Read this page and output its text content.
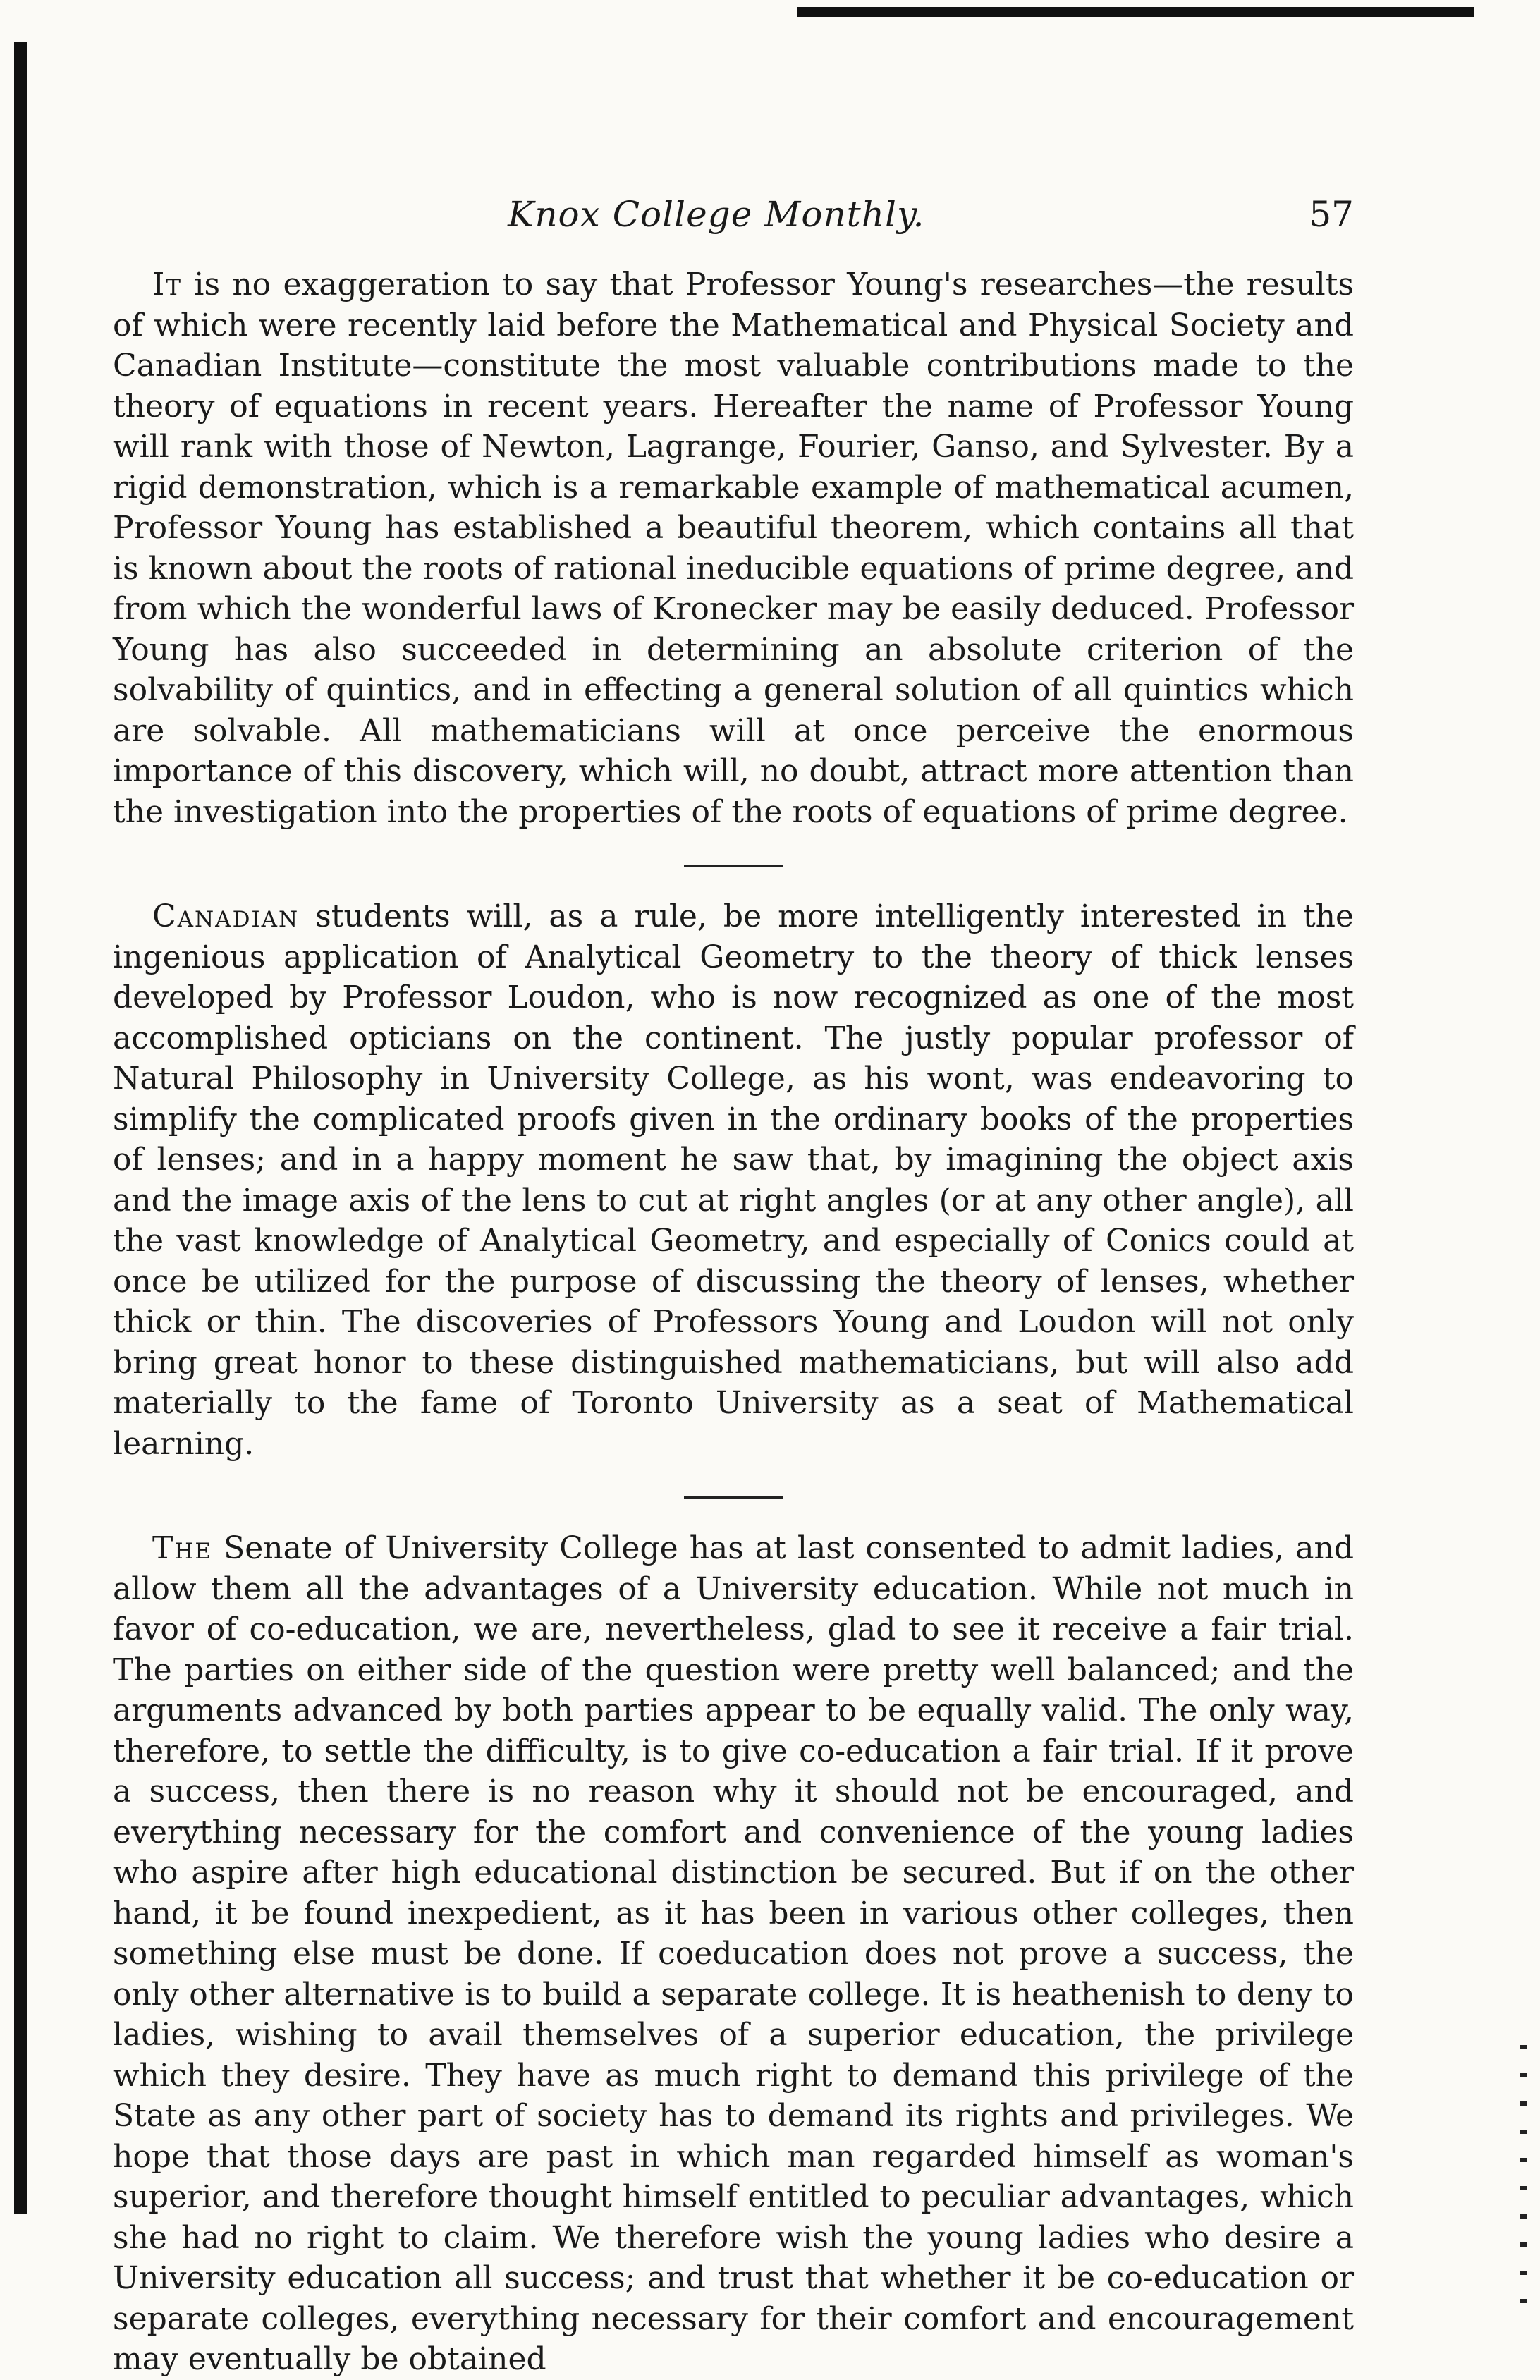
Knox College Monthly.	57

It is no exaggeration to say that Professor Young's researches—the results of which were recently laid before the Mathematical and Physical Society and Canadian Institute—constitute the most valuable contributions made to the theory of equations in recent years. Hereafter the name of Professor Young will rank with those of Newton, Lagrange, Fourier, Ganso, and Sylvester. By a rigid demonstration, which is a remarkable example of mathematical acumen, Professor Young has established a beautiful theorem, which contains all that is known about the roots of rational ineducible equations of prime degree, and from which the wonderful laws of Kronecker may be easily deduced. Professor Young has also succeeded in determining an absolute criterion of the solvability of quintics, and in effecting a general solution of all quintics which are solvable. All mathematicians will at once perceive the enormous importance of this discovery, which will, no doubt, attract more attention than the investigation into the properties of the roots of equations of prime degree.

Canadian students will, as a rule, be more intelligently interested in the ingenious application of Analytical Geometry to the theory of thick lenses developed by Professor Loudon, who is now recognized as one of the most accomplished opticians on the continent. The justly popular professor of Natural Philosophy in University College, as his wont, was endeavoring to simplify the complicated proofs given in the ordinary books of the properties of lenses; and in a happy moment he saw that, by imagining the object axis and the image axis of the lens to cut at right angles (or at any other angle), all the vast knowledge of Analytical Geometry, and especially of Conics could at once be utilized for the purpose of discussing the theory of lenses, whether thick or thin. The discoveries of Professors Young and Loudon will not only bring great honor to these distinguished mathematicians, but will also add materially to the fame of Toronto University as a seat of Mathematical learning.

The Senate of University College has at last consented to admit ladies, and allow them all the advantages of a University education. While not much in favor of co-education, we are, nevertheless, glad to see it receive a fair trial. The parties on either side of the question were pretty well balanced; and the arguments advanced by both parties appear to be equally valid. The only way, therefore, to settle the difficulty, is to give co-education a fair trial. If it prove a success, then there is no reason why it should not be encouraged, and everything necessary for the comfort and convenience of the young ladies who aspire after high educational distinction be secured. But if on the other hand, it be found inexpedient, as it has been in various other colleges, then something else must be done. If coeducation does not prove a success, the only other alternative is to build a separate college. It is heathenish to deny to ladies, wishing to avail themselves of a superior education, the privilege which they desire. They have as much right to demand this privilege of the State as any other part of society has to demand its rights and privileges. We hope that those days are past in which man regarded himself as woman's superior, and therefore thought himself entitled to peculiar advantages, which she had no right to claim. We therefore wish the young ladies who desire a University education all success; and trust that whether it be co-education or separate colleges, everything necessary for their comfort and encouragement may eventually be obtained
